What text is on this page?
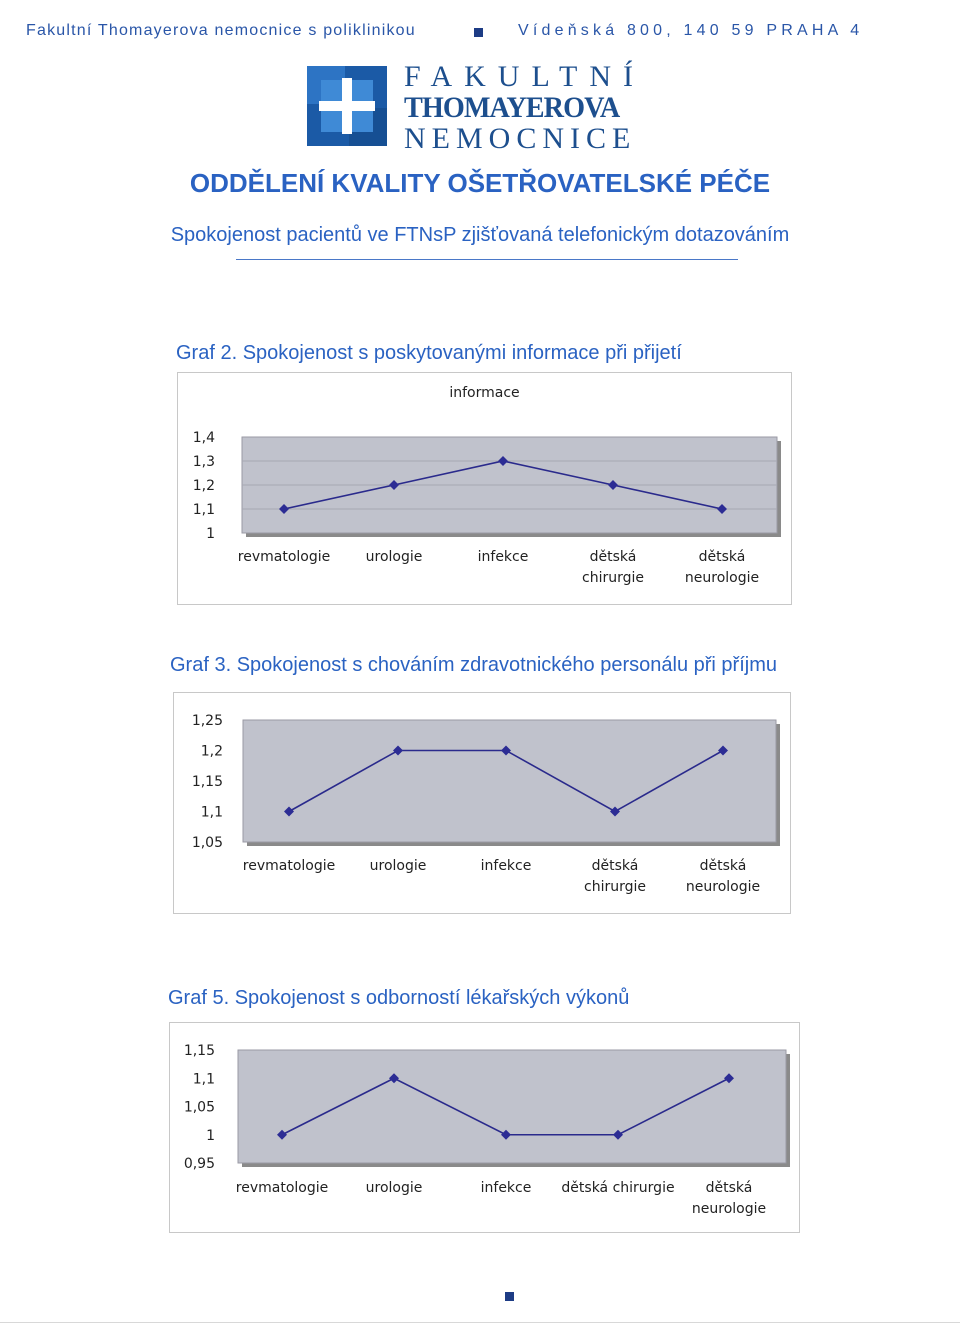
Fakultní Thomayerova nemocnice s poliklinikou	Vídeňská 800, 140 59 PRAHA 4
FAKULTNÍ
THOMAYEROVA
NEMOCNICE
ODDĚLENÍ KVALITY OŠETŘOVATELSKÉ PÉČE
Spokojenost pacientů ve FTNsP zjišťovaná telefonickým dotazováním
Graf 2. Spokojenost s poskytovanými informace při přijetí
informace
1,4
1,3
1,2
1,1
1
revmatologie	urologie	infekce	dětská
chirurgie
dětská
neurologie
Graf 3. Spokojenost s chováním zdravotnického personálu při příjmu
1,25
1,2
1,15
1,1
1,05
revmatologie urologie	infekce	dětská
chirurgie
dětská
neurologie
Graf 5. Spokojenost s odborností lékařských výkonů
1,15
1,1
1,05
1
0,95
revmatologie	urologie	infekce dětská chirurgie dětská
neurologie
